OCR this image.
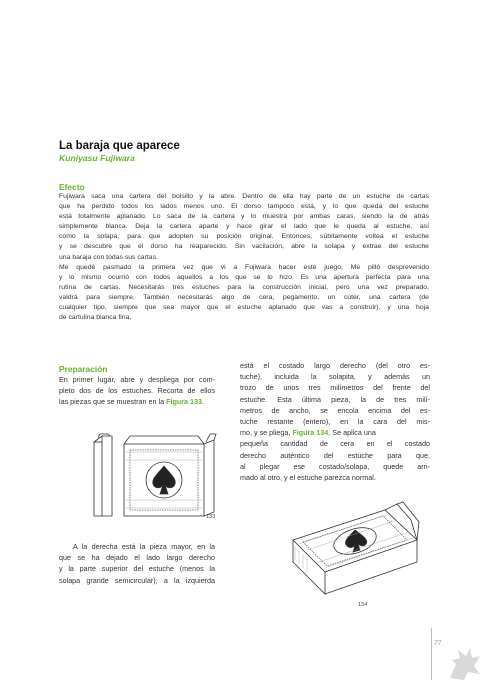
La baraja que aparece
Kuniyasu Fujiwara
Efecto
Fujiwara saca una cartera del bolsillo y la abre. Dentro de ella hay parte de un estuche de cartas
que ha perdido todos los lados menos uno. El dorso tampoco está, y lo que queda del estuche
está totalmente aplanado. Lo saca de la cartera y lo muestra por ambas caras, siendo la de atrás
simplemente blanca. Deja la cartera aparte y hace girar el lado que le queda al estuche, así
como la solapa, para que adopten su posición original. Entonces, súbitamente voltea el estuche
y se descubre que el dorso ha reaparecido. Sin vacilación, abre la solapa y extrae del estuche
una baraja con todas sus cartas.
Me quedé pasmado la primera vez que vi a Fujiwara hacer este juego. Me pilló desprevenido
y lo mismo ocurrió con todos aquellos a los que se lo hizo. Es una apertura perfecta para una
rutina de cartas. Necesitarás tres estuches para la construcción inicial, pero una vez preparado,
valdrá para siempre. También necesitarás algo de cera, pegamento, un cúter, una cartera (de
cualquier tipo, siempre que sea mayor que el estuche aplanado que vas a construir), y una hoja
de cartulina blanca fina.
Preparación
En primer lugar, abre y despliega por com-
pleto dos de los estuches. Recorta de ellos
las piezas que se muestran en la Figura 133.
133
A la derecha está la pieza mayor, en la
que se ha dejado el lado largo derecho
y la parte superior del estuche (menos la
solapa grande semicircular); a la izquierda
está el costado largo derecho (del otro es-
tuche), incluida la solapita, y además un
trozo de unos tres milímetros del frente del
estuche. Esta última pieza, la de tres milí-
metros de ancho, se encola encima del es-
tuche restante (entero), en la cara del mis-
mo, y se pliega, Figura 134. Se aplica una
pequeña cantidad de cera en el costado
derecho auténtico del estuche para que,
al plegar ese costado/solapa, quede arri-
mado al otro, y el estuche parezca normal.
134
77
